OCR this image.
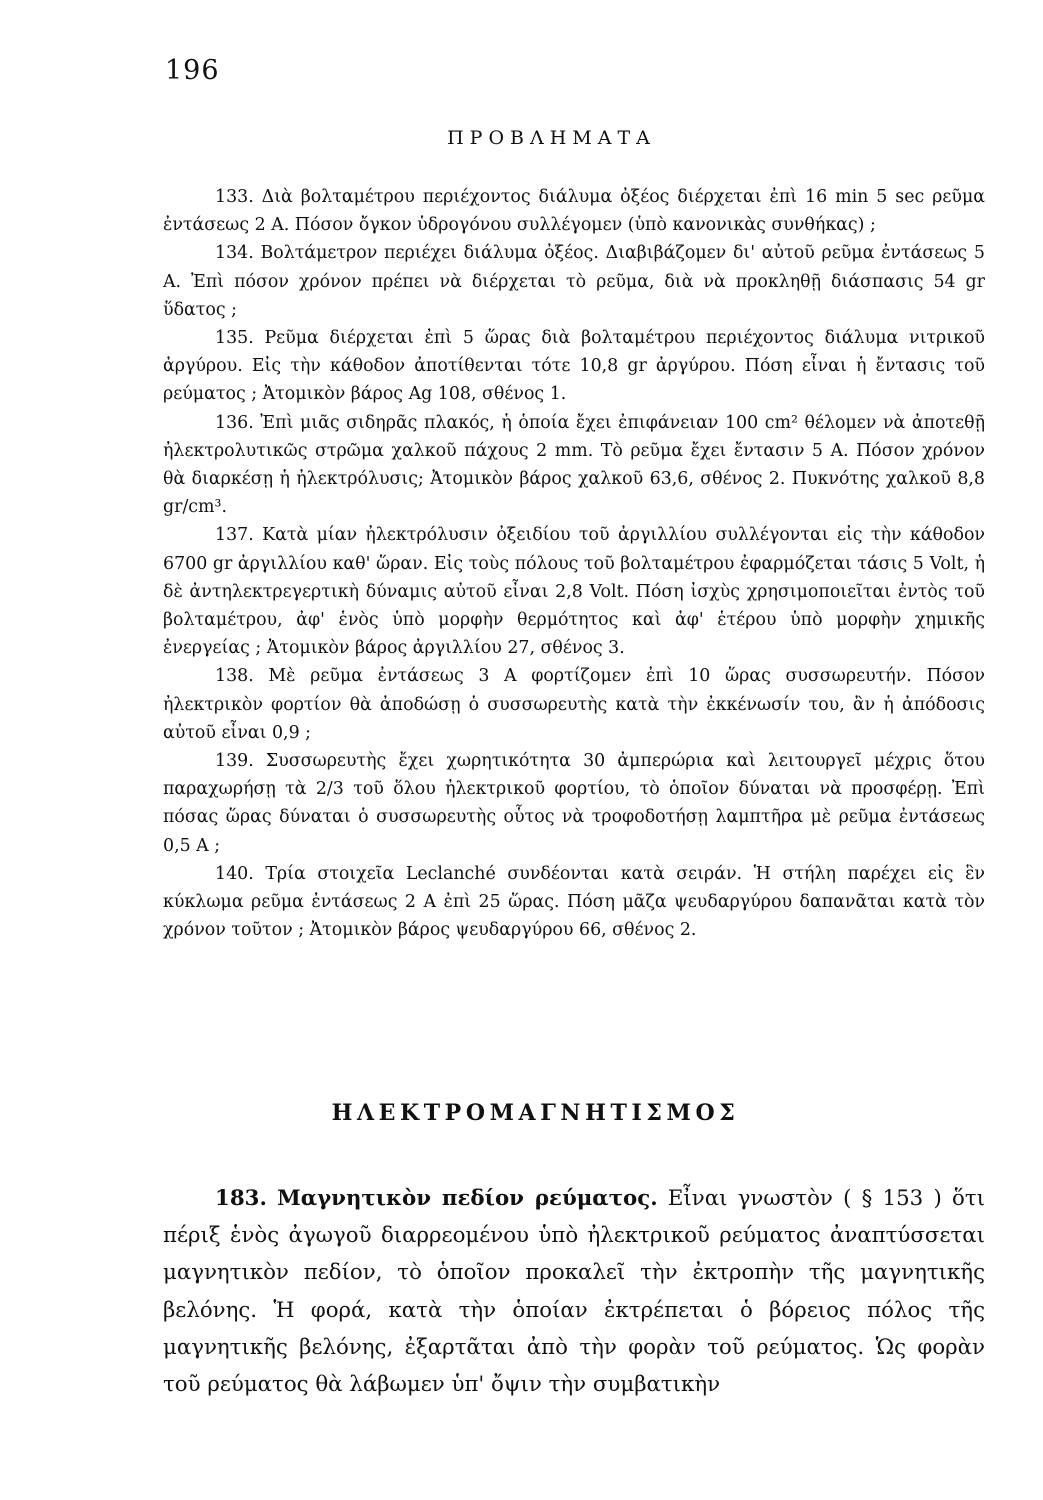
196
ΠΡΟΒΛΗΜΑΤΑ

133. Διὰ βολταμέτρου περιέχοντος διάλυμα ὀξέος διέρχεται ἐπὶ 16 min 5 sec ρεῦμα ἐντάσεως 2 Α. Πόσον ὄγκον ὑδρογόνου συλλέγομεν (ὑπὸ κανονικὰς συνθήκας) ;

134. Βολτάμετρον περιέχει διάλυμα ὀξέος. Διαβιβάζομεν δι' αὐτοῦ ρεῦμα ἐντάσεως 5 Α. Ἐπὶ πόσον χρόνον πρέπει νὰ διέρχεται τὸ ρεῦμα, διὰ νὰ προκληθῇ διάσπασις 54 gr ὕδατος ;

135. Ρεῦμα διέρχεται ἐπὶ 5 ὥρας διὰ βολταμέτρου περιέχοντος διάλυμα νιτρικοῦ ἀργύρου. Εἰς τὴν κάθοδον ἀποτίθενται τότε 10,8 gr ἀργύρου. Πόση εἶναι ἡ ἔντασις τοῦ ρεύματος ; Ἀτομικὸν βάρος Ag 108, σθένος 1.

136. Ἐπὶ μιᾶς σιδηρᾶς πλακός, ἡ ὁποία ἔχει ἐπιφάνειαν 100 cm² θέλομεν νὰ ἀποτεθῇ ἠλεκτρολυτικῶς στρῶμα χαλκοῦ πάχους 2 mm. Τὸ ρεῦμα ἔχει ἔντασιν 5 Α. Πόσον χρόνον θὰ διαρκέσῃ ἡ ἠλεκτρόλυσις; Ἀτομικὸν βάρος χαλκοῦ 63,6, σθένος 2. Πυκνότης χαλκοῦ 8,8 gr/cm³.

137. Κατὰ μίαν ἠλεκτρόλυσιν ὀξειδίου τοῦ ἀργιλλίου συλλέγονται εἰς τὴν κάθοδον 6700 gr ἀργιλλίου καθ' ὥραν. Εἰς τοὺς πόλους τοῦ βολταμέτρου ἐφαρμόζεται τάσις 5 Volt, ἡ δὲ ἀντηλεκτρεγερτικὴ δύναμις αὐτοῦ εἶναι 2,8 Volt. Πόση ἰσχὺς χρησιμοποιεῖται ἐντὸς τοῦ βολταμέτρου, ἀφ' ἑνὸς ὑπὸ μορφὴν θερμότητος καὶ ἀφ' ἑτέρου ὑπὸ μορφὴν χημικῆς ἐνεργείας ; Ἀτομικὸν βάρος ἀργιλλίου 27, σθένος 3.

138. Μὲ ρεῦμα ἐντάσεως 3 Α φορτίζομεν ἐπὶ 10 ὥρας συσσωρευτήν. Πόσον ἠλεκτρικὸν φορτίον θὰ ἀποδώσῃ ὁ συσσωρευτὴς κατὰ τὴν ἐκκένωσίν του, ἂν ἡ ἀπόδοσις αὐτοῦ εἶναι 0,9 ;

139. Συσσωρευτὴς ἔχει χωρητικότητα 30 ἀμπερώρια καὶ λειτουργεῖ μέχρις ὅτου παραχωρήσῃ τὰ 2/3 τοῦ ὅλου ἠλεκτρικοῦ φορτίου, τὸ ὁποῖον δύναται νὰ προσφέρῃ. Ἐπὶ πόσας ὥρας δύναται ὁ συσσωρευτὴς οὗτος νὰ τροφοδοτήσῃ λαμπτῆρα μὲ ρεῦμα ἐντάσεως 0,5 Α ;

140. Τρία στοιχεῖα Leclanché συνδέονται κατὰ σειράν. Ἡ στήλη παρέχει εἰς ἓν κύκλωμα ρεῦμα ἐντάσεως 2 Α ἐπὶ 25 ὥρας. Πόση μᾶζα ψευδαργύρου δαπανᾶται κατὰ τὸν χρόνον τοῦτον ; Ἀτομικὸν βάρος ψευδαργύρου 66, σθένος 2.

ΗΛΕΚΤΡΟΜΑΓΝΗΤΙΣΜΟΣ

183. Μαγνητικὸν πεδίον ρεύματος. Εἶναι γνωστὸν ( § 153 ) ὅτι πέριξ ἑνὸς ἀγωγοῦ διαρρεομένου ὑπὸ ἠλεκτρικοῦ ρεύματος ἀναπτύσσεται μαγνητικὸν πεδίον, τὸ ὁποῖον προκαλεῖ τὴν ἐκτροπὴν τῆς μαγνητικῆς βελόνης. Ἡ φορά, κατὰ τὴν ὁποίαν ἐκτρέπεται ὁ βόρειος πόλος τῆς μαγνητικῆς βελόνης, ἐξαρτᾶται ἀπὸ τὴν φορὰν τοῦ ρεύματος. Ὡς φορὰν τοῦ ρεύματος θὰ λάβωμεν ὑπ' ὄψιν τὴν συμβατικὴν
